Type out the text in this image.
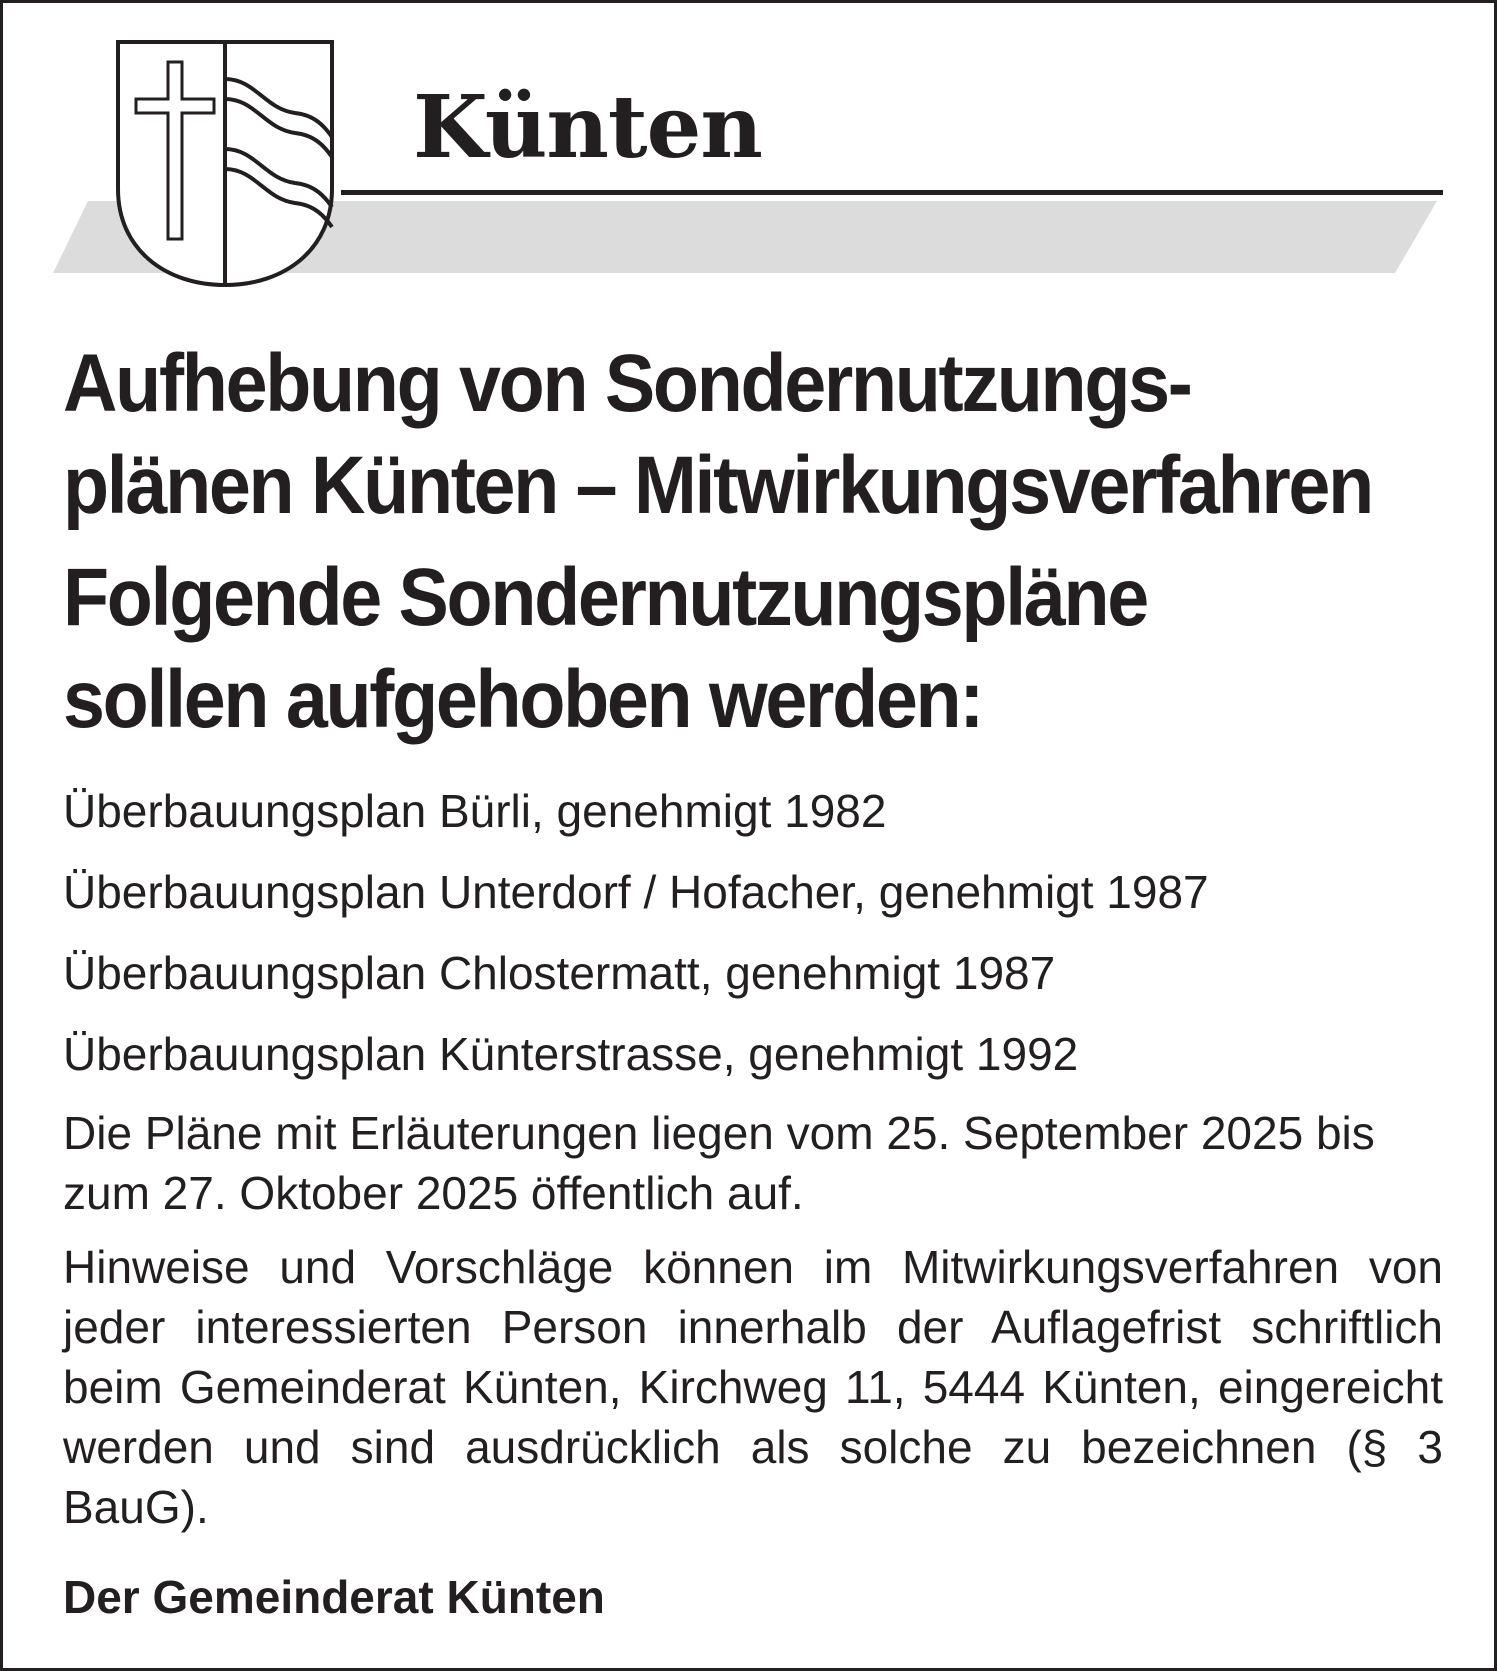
Künten
Aufhebung von Sondernutzungs-
plänen Künten – Mitwirkungsverfahren
Folgende Sondernutzungspläne
sollen aufgehoben werden:
Überbauungsplan Bürli, genehmigt 1982
Überbauungsplan Unterdorf / Hofacher, genehmigt 1987
Überbauungsplan Chlostermatt, genehmigt 1987
Überbauungsplan Künterstrasse, genehmigt 1992

Die Pläne mit Erläuterungen liegen vom 25. September 2025 bis zum 27. Oktober 2025 öffentlich auf.

Hinweise und Vorschläge können im Mitwirkungsverfahren von jeder interessierten Person innerhalb der Auflagefrist schriftlich beim Gemeinderat Künten, Kirchweg 11, 5444 Künten, eingereicht werden und sind ausdrücklich als solche zu bezeichnen (§ 3 BauG).

Der Gemeinderat Künten
